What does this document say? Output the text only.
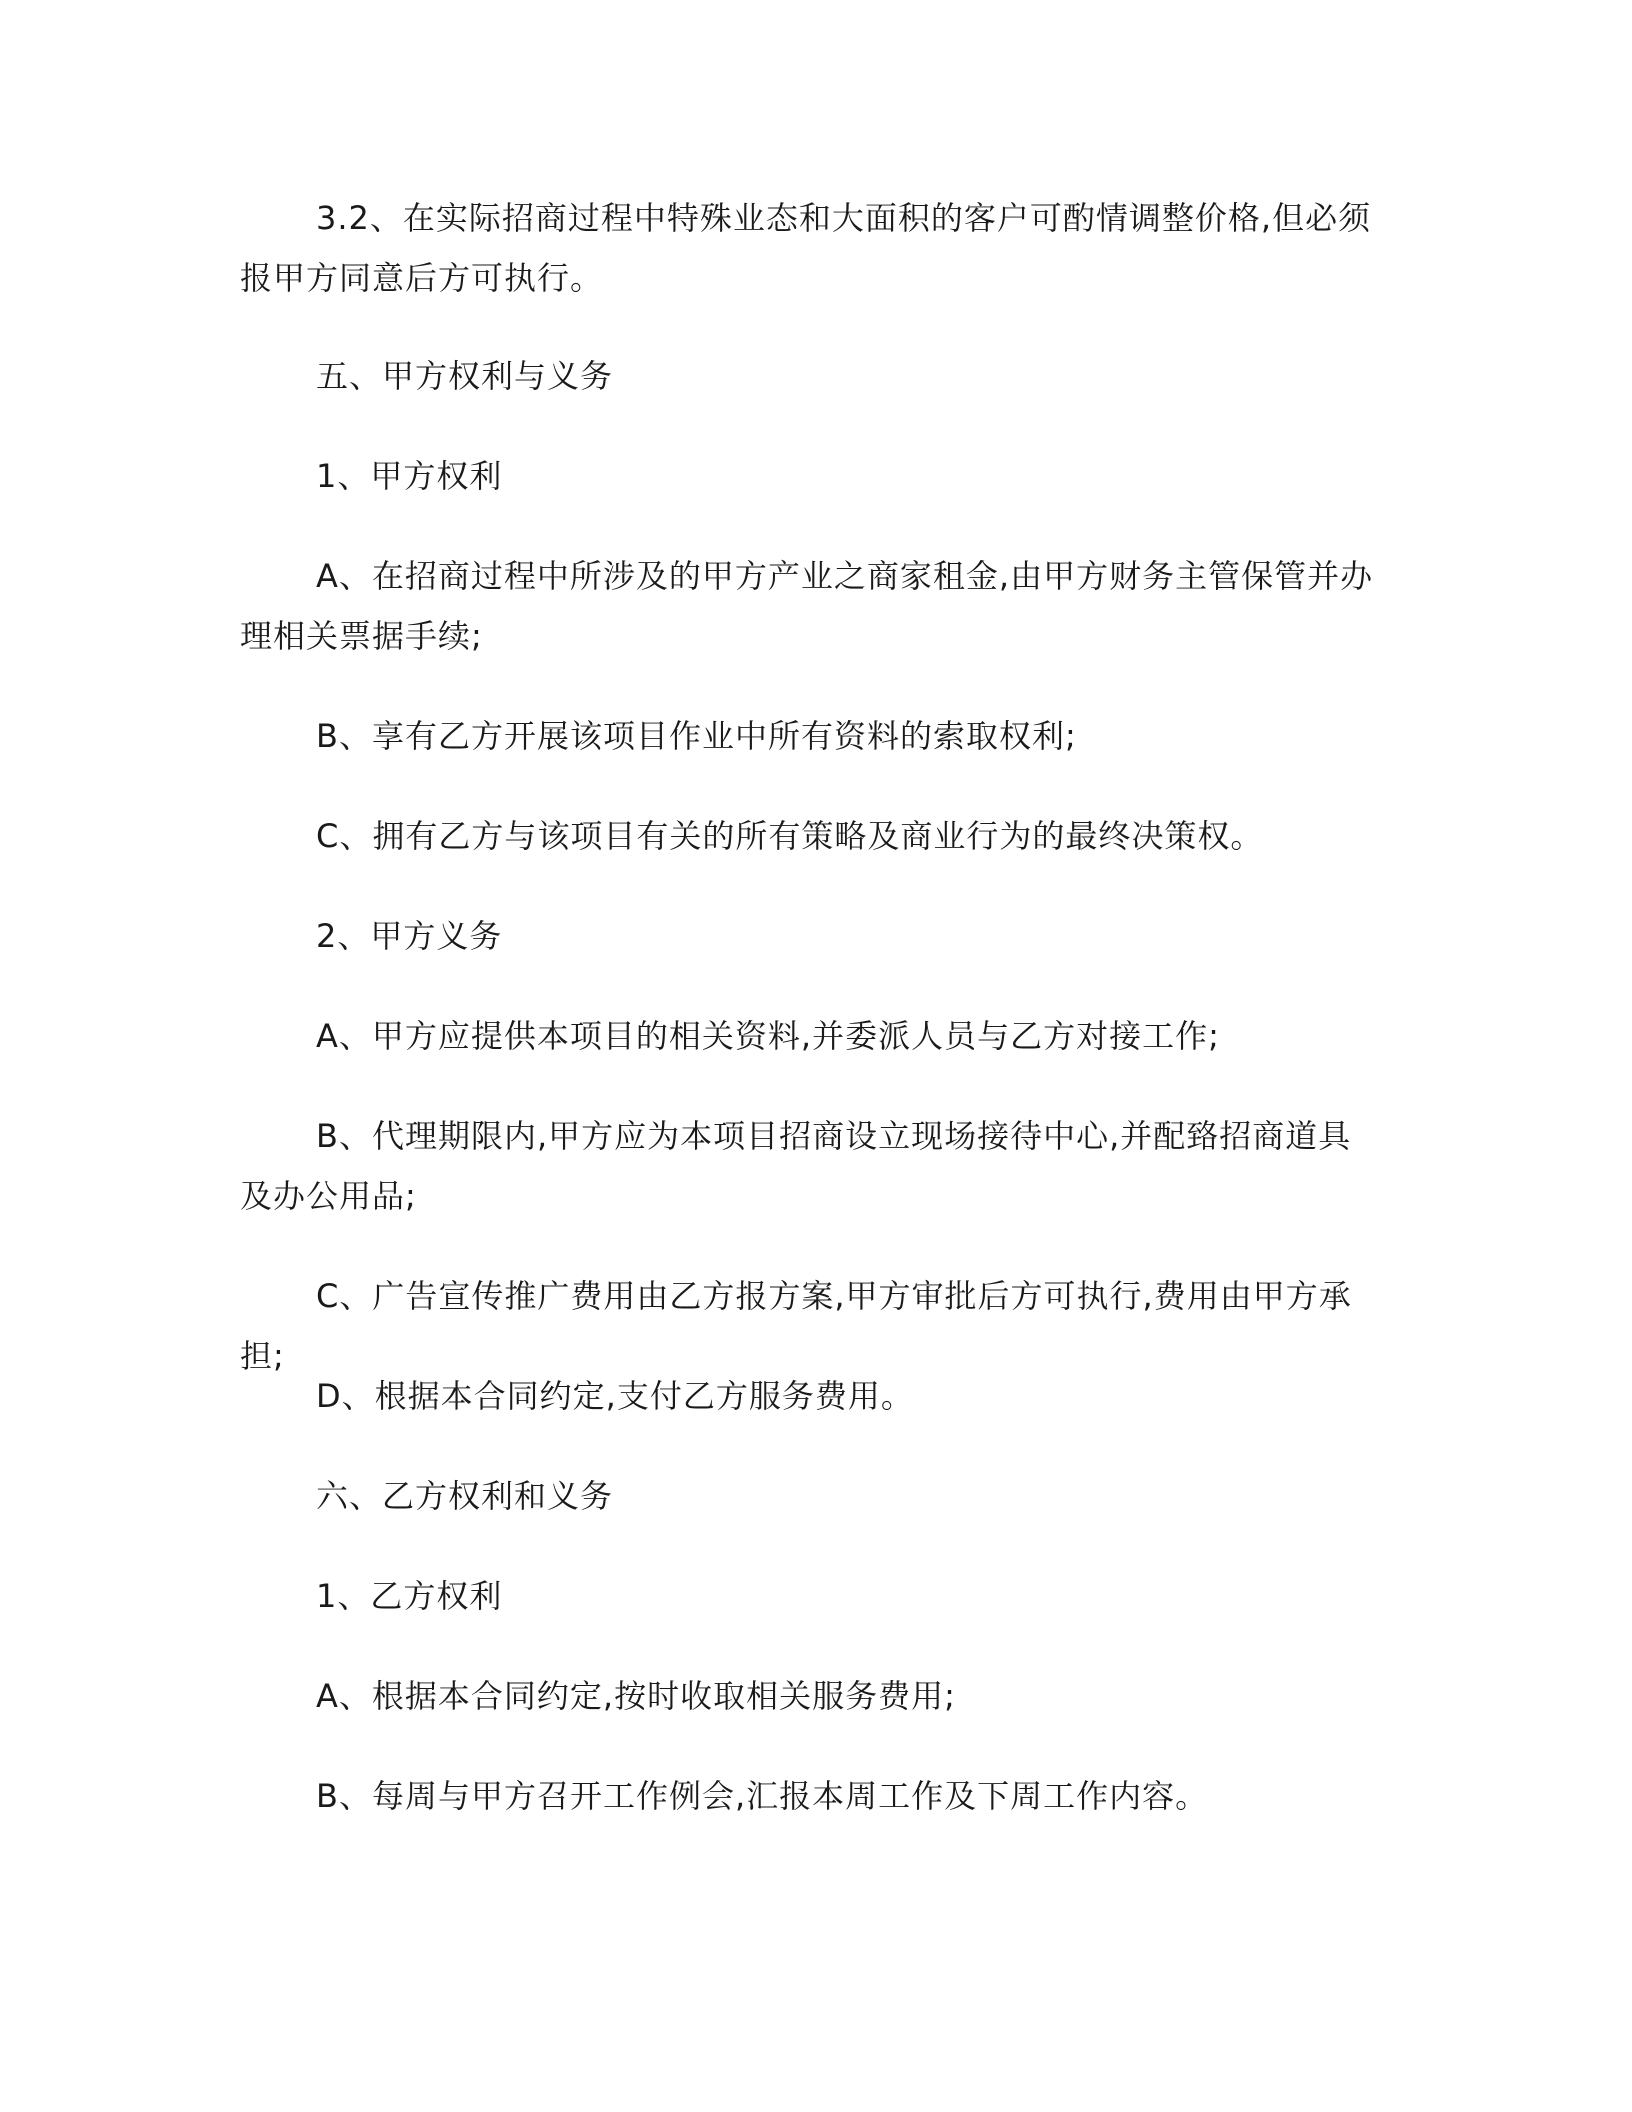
3.2、在实际招商过程中特殊业态和大面积的客户可酌情调整价格,但必须报甲方同意后方可执行。

五、甲方权利与义务

1、甲方权利

A、在招商过程中所涉及的甲方产业之商家租金,由甲方财务主管保管并办理相关票据手续;

B、享有乙方开展该项目作业中所有资料的索取权利;

C、拥有乙方与该项目有关的所有策略及商业行为的最终决策权。

2、甲方义务

A、甲方应提供本项目的相关资料,并委派人员与乙方对接工作;

B、代理期限内,甲方应为本项目招商设立现场接待中心,并配臵招商道具及办公用品;

C、广告宣传推广费用由乙方报方案,甲方审批后方可执行,费用由甲方承担;

D、根据本合同约定,支付乙方服务费用。

六、乙方权利和义务

1、乙方权利

A、根据本合同约定,按时收取相关服务费用;

B、每周与甲方召开工作例会,汇报本周工作及下周工作内容。
